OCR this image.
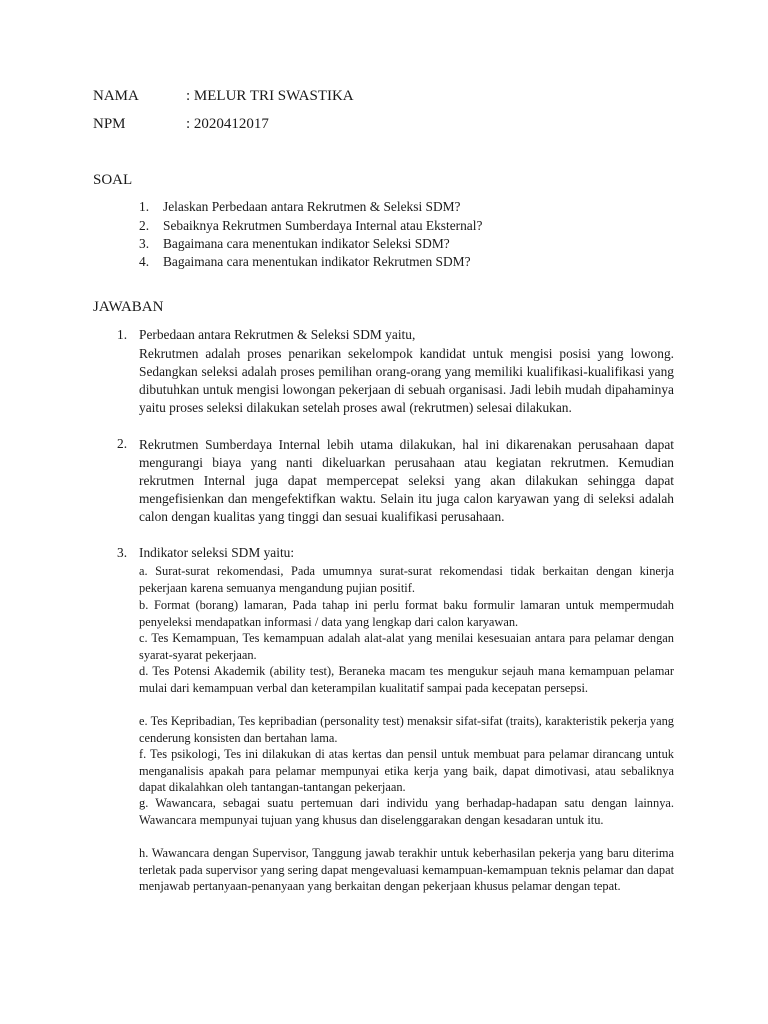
NAMA	: MELUR TRI SWASTIKA
NPM	: 2020412017
SOAL
1. Jelaskan Perbedaan antara Rekrutmen & Seleksi SDM?
2. Sebaiknya Rekrutmen Sumberdaya Internal atau Eksternal?
3. Bagaimana cara menentukan indikator Seleksi SDM?
4. Bagaimana cara menentukan indikator Rekrutmen SDM?
JAWABAN
1. Perbedaan antara Rekrutmen & Seleksi SDM yaitu,
Rekrutmen adalah proses penarikan sekelompok kandidat untuk mengisi posisi yang lowong. Sedangkan seleksi adalah proses pemilihan orang-orang yang memiliki kualifikasi-kualifikasi yang dibutuhkan untuk mengisi lowongan pekerjaan di sebuah organisasi. Jadi lebih mudah dipahaminya yaitu proses seleksi dilakukan setelah proses awal (rekrutmen) selesai dilakukan.
2. Rekrutmen Sumberdaya Internal lebih utama dilakukan, hal ini dikarenakan perusahaan dapat mengurangi biaya yang nanti dikeluarkan perusahaan atau kegiatan rekrutmen. Kemudian rekrutmen Internal juga dapat mempercepat seleksi yang akan dilakukan sehingga dapat mengefisienkan dan mengefektifkan waktu. Selain itu juga calon karyawan yang di seleksi adalah calon dengan kualitas yang tinggi dan sesuai kualifikasi perusahaan.
3. Indikator seleksi SDM yaitu:
a. Surat-surat rekomendasi, Pada umumnya surat-surat rekomendasi tidak berkaitan dengan kinerja pekerjaan karena semuanya mengandung pujian positif.
b. Format (borang) lamaran, Pada tahap ini perlu format baku formulir lamaran untuk mempermudah penyeleksi mendapatkan informasi / data yang lengkap dari calon karyawan.
c. Tes Kemampuan, Tes kemampuan adalah alat-alat yang menilai kesesuaian antara para pelamar dengan syarat-syarat pekerjaan.
d. Tes Potensi Akademik (ability test), Beraneka macam tes mengukur sejauh mana kemampuan pelamar mulai dari kemampuan verbal dan keterampilan kualitatif sampai pada kecepatan persepsi.
e. Tes Kepribadian, Tes kepribadian (personality test) menaksir sifat-sifat (traits), karakteristik pekerja yang cenderung konsisten dan bertahan lama.
f. Tes psikologi, Tes ini dilakukan di atas kertas dan pensil untuk membuat para pelamar dirancang untuk menganalisis apakah para pelamar mempunyai etika kerja yang baik, dapat dimotivasi, atau sebaliknya dapat dikalahkan oleh tantangan-tantangan pekerjaan.
g. Wawancara, sebagai suatu pertemuan dari individu yang berhadap-hadapan satu dengan lainnya. Wawancara mempunyai tujuan yang khusus dan diselenggarakan dengan kesadaran untuk itu.
h. Wawancara dengan Supervisor, Tanggung jawab terakhir untuk keberhasilan pekerja yang baru diterima terletak pada supervisor yang sering dapat mengevaluasi kemampuan-kemampuan teknis pelamar dan dapat menjawab pertanyaan-penanyaan yang berkaitan dengan pekerjaan khusus pelamar dengan tepat.
